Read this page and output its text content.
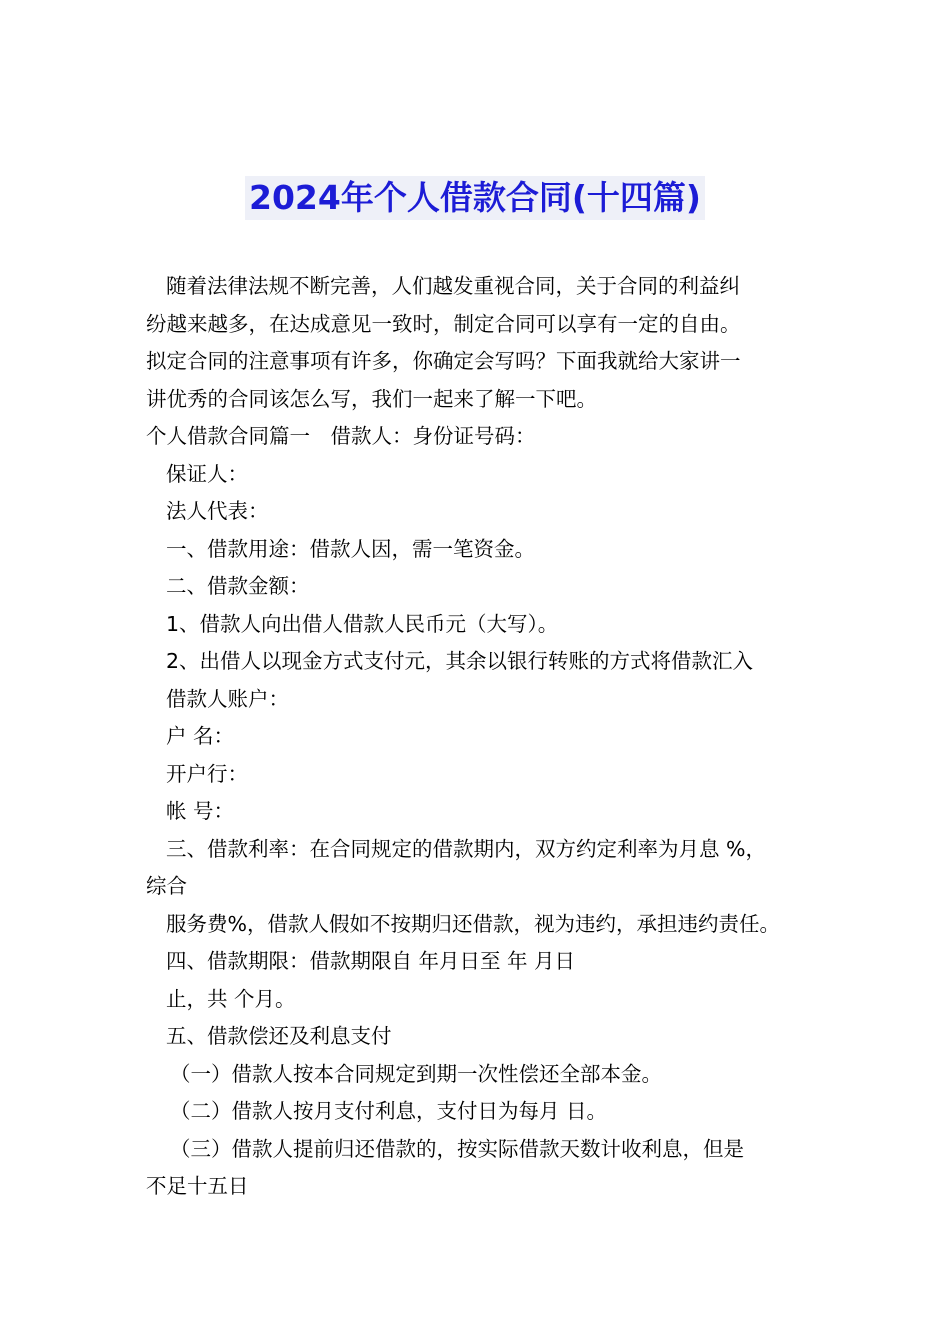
2024年个人借款合同(十四篇)
随着法律法规不断完善，人们越发重视合同，关于合同的利益纠
纷越来越多，在达成意见一致时，制定合同可以享有一定的自由。
拟定合同的注意事项有许多，你确定会写吗？下面我就给大家讲一
讲优秀的合同该怎么写，我们一起来了解一下吧。
个人借款合同篇一　借款人：身份证号码：
保证人：
法人代表：
一、借款用途：借款人因，需一笔资金。
二、借款金额：
1、借款人向出借人借款人民币元（大写）。
2、出借人以现金方式支付元，其余以银行转账的方式将借款汇入
借款人账户：
户 名：
开户行：
帐 号：
三、借款利率：在合同规定的借款期内，双方约定利率为月息 %，
综合
服务费%，借款人假如不按期归还借款，视为违约，承担违约责任。
四、借款期限：借款期限自 年月日至 年 月日
止，共 个月。
五、借款偿还及利息支付
（一）借款人按本合同规定到期一次性偿还全部本金。
（二）借款人按月支付利息，支付日为每月 日。
（三）借款人提前归还借款的，按实际借款天数计收利息，但是
不足十五日
